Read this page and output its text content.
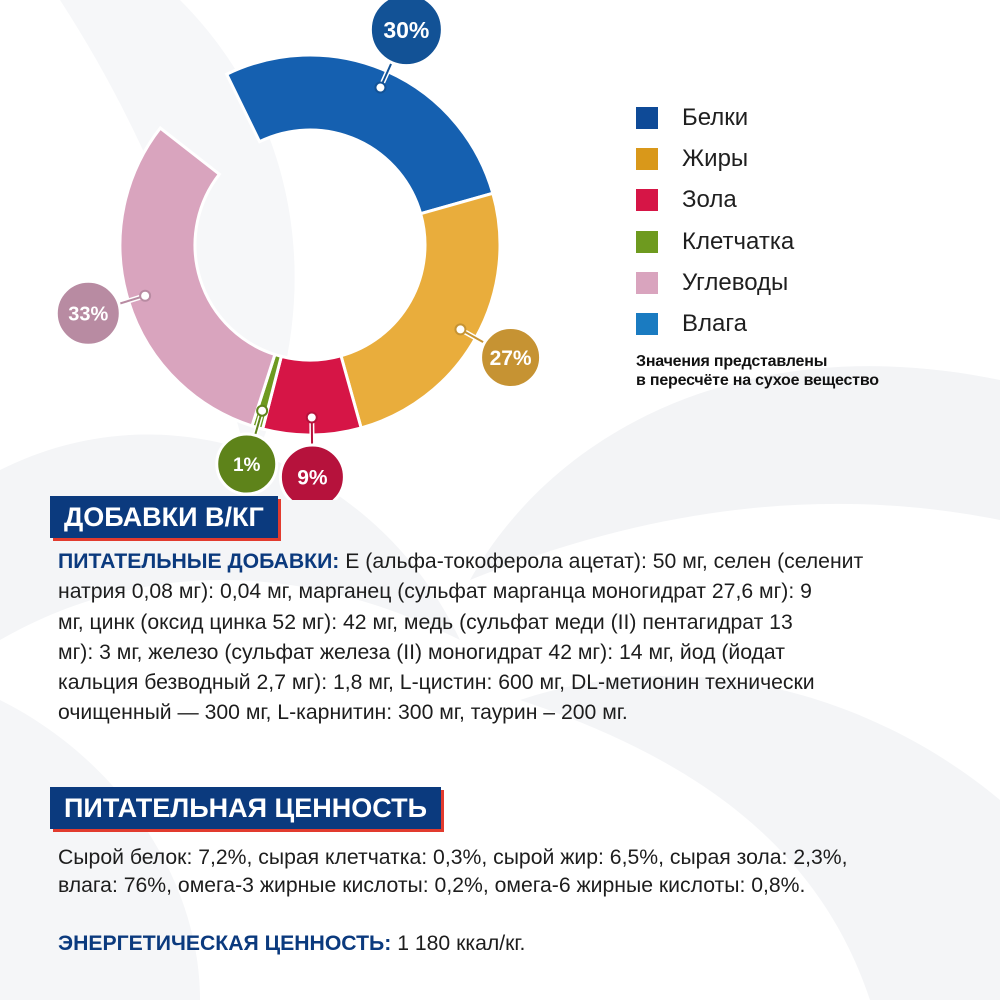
30%
27%
9%
1%
33%
Белки
Жиры
Зола
Клетчатка
Углеводы
Влага
Значения представлены
в пересчёте на сухое вещество
ДОБАВКИ В/КГ
ПИТАТЕЛЬНЫЕ ДОБАВКИ: Е (альфа-токоферола ацетат): 50 мг, селен (селенит
натрия 0,08 мг): 0,04 мг, марганец (сульфат марганца моногидрат 27,6 мг): 9
мг, цинк (оксид цинка 52 мг): 42 мг, медь (сульфат меди (II) пентагидрат 13
мг): 3 мг, железо (сульфат железа (II) моногидрат 42 мг): 14 мг, йод (йодат
кальция безводный 2,7 мг): 1,8 мг, L-цистин: 600 мг, DL-метионин технически
очищенный — 300 мг, L-карнитин: 300 мг, таурин – 200 мг.
ПИТАТЕЛЬНАЯ ЦЕННОСТЬ
Сырой белок: 7,2%, сырая клетчатка: 0,3%, сырой жир: 6,5%, сырая зола: 2,3%,
влага: 76%, омега-3 жирные кислоты: 0,2%, омега-6 жирные кислоты: 0,8%.
ЭНЕРГЕТИЧЕСКАЯ ЦЕННОСТЬ: 1 180 ккал/кг.
